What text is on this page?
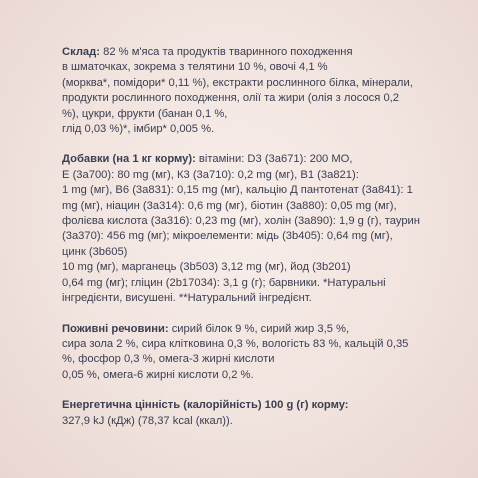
Склад: 82 % м'яса та продуктів тваринного походження
в шматочках, зокрема з телятини 10 %, овочі 4,1 %
(морква*, помідори* 0,11 %), екстракти рослинного білка, мінерали,
продукти рослинного походження, олії та жири (олія з лосося 0,2
%), цукри, фрукти (банан 0,1 %,
глід 0,03 %)*, імбир* 0,005 %.
Добавки (на 1 кг корму): вітаміни: D3 (3a671): 200 МО,
E (3a700): 80 mg (мг), К3 (3a710): 0,2 mg (мг), B1 (3a821):
1 mg (мг), B6 (3a831): 0,15 mg (мг), кальцію Д пантотенат (3a841): 1
mg (мг), ніацин (3a314): 0,6 mg (мг), біотин (3a880): 0,05 mg (мг),
фолієва кислота (3a316): 0,23 mg (мг), холін (3a890): 1,9 g (г), таурин
(3a370): 456 mg (мг); мікроелементи: мідь (3b405): 0,64 mg (мг),
цинк (3b605)
10 mg (мг), марганець (3b503) 3,12 mg (мг), йод (3b201)
0,64 mg (мг); гліцин (2b17034): 3,1 g (г); барвники. *Натуральні
інгредієнти, висушені. **Натуральний інгредієнт.
Поживні речовини: сирий білок 9 %, сирий жир 3,5 %,
сира зола 2 %, сира клітковина 0,3 %, вологість 83 %, кальцій 0,35
%, фосфор 0,3 %, омега-3 жирні кислоти
0,05 %, омега-6 жирні кислоти 0,2 %.
Енергетична цінність (калорійність) 100 g (г) корму:
327,9 kJ (кДж) (78,37 kcal (ккал)).
